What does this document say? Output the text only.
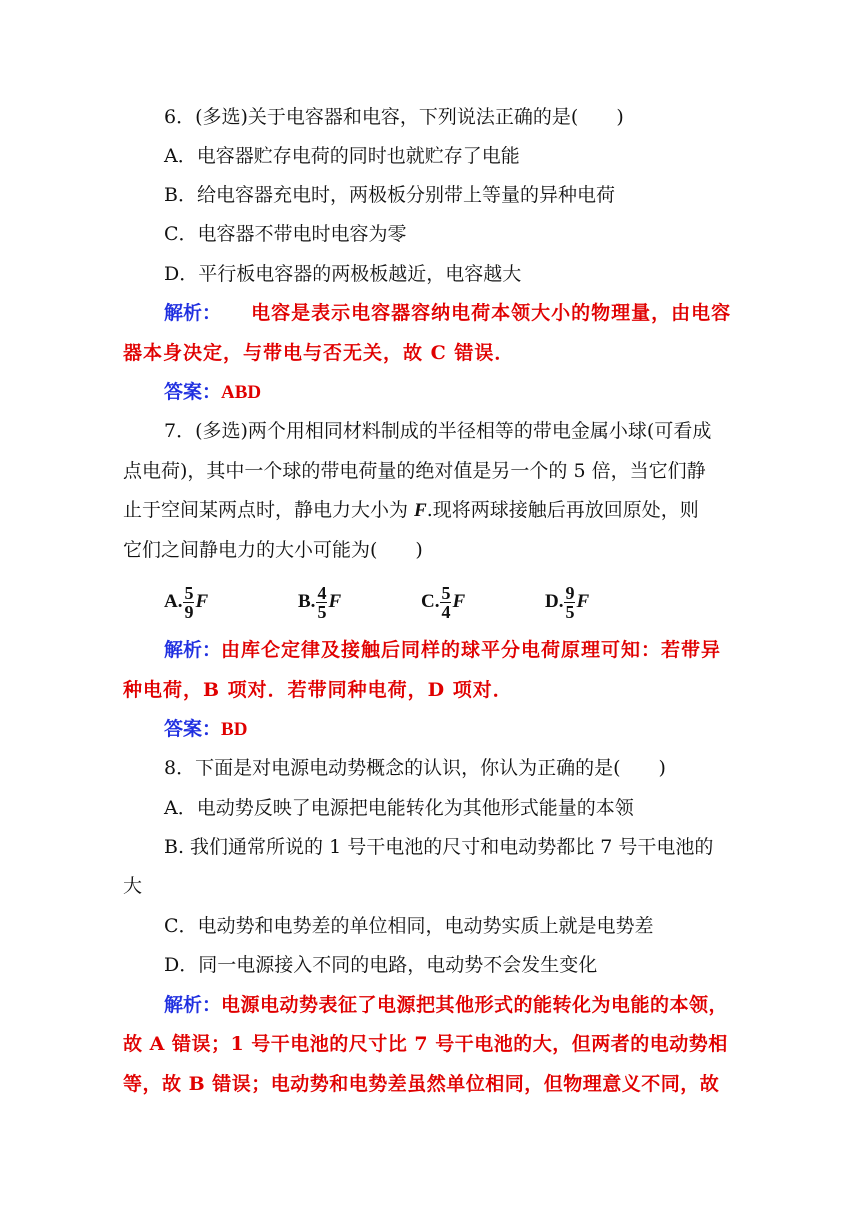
6．(多选)关于电容器和电容，下列说法正确的是(　　)
A．电容器贮存电荷的同时也就贮存了电能
B．给电容器充电时，两极板分别带上等量的异种电荷
C．电容器不带电时电容为零
D．平行板电容器的两极板越近，电容越大
解析： 电容是表示电容器容纳电荷本领大小的物理量，由电容
器本身决定，与带电与否无关，故 C 错误．
答案：ABD
7．(多选)两个用相同材料制成的半径相等的带电金属小球(可看成
点电荷)，其中一个球的带电荷量的绝对值是另一个的 5 倍，当它们静
止于空间某两点时，静电力大小为 F.现将两球接触后再放回原处，则
它们之间静电力的大小可能为(　　)
A. $\frac{5}{9}$ F	B. $\frac{4}{5}$ F	C. $\frac{5}{4}$ F	D. $\frac{9}{5}$ F
解析：由库仑定律及接触后同样的球平分电荷原理可知：若带异
种电荷，B 项对．若带同种电荷，D 项对．
答案：BD
8．下面是对电源电动势概念的认识，你认为正确的是(　　)
A．电动势反映了电源把电能转化为其他形式能量的本领
B. 我们通常所说的 1 号干电池的尺寸和电动势都比 7 号干电池的
大
C．电动势和电势差的单位相同，电动势实质上就是电势差
D．同一电源接入不同的电路，电动势不会发生变化
解析：电源电动势表征了电源把其他形式的能转化为电能的本领，
故 A 错误；1 号干电池的尺寸比 7 号干电池的大，但两者的电动势相
等，故 B 错误；电动势和电势差虽然单位相同，但物理意义不同，故
